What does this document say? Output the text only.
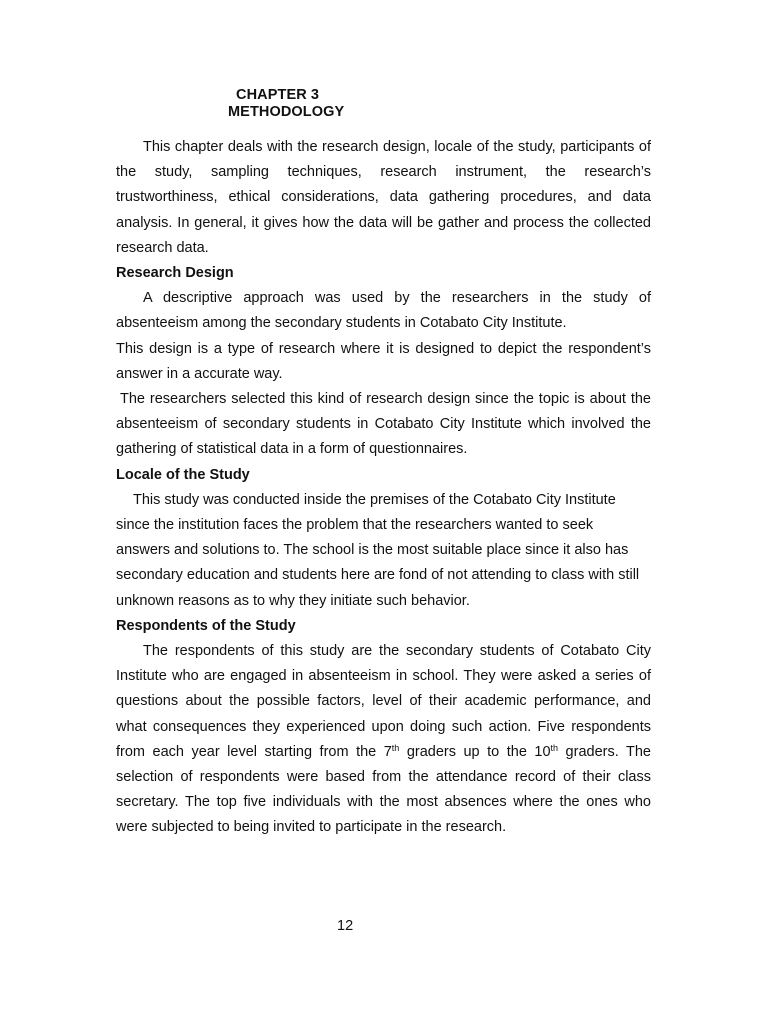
CHAPTER 3
METHODOLOGY

This chapter deals with the research design, locale of the study, participants of the study, sampling techniques, research instrument, the research’s trustworthiness, ethical considerations, data gathering procedures, and data analysis. In general, it gives how the data will be gather and process the collected research data.

Research Design

A descriptive approach was used by the researchers in the study of absenteeism among the secondary students in Cotabato City Institute.

This design is a type of research where it is designed to depict the respondent’s answer in a accurate way.

The researchers selected this kind of research design since the topic is about the absenteeism of secondary students in Cotabato City Institute which involved the gathering of statistical data in a form of questionnaires.

Locale of the Study

This study was conducted inside the premises of the Cotabato City Institute since the institution faces the problem that the researchers wanted to seek answers and solutions to. The school is the most suitable place since it also has secondary education and students here are fond of not attending to class with still unknown reasons as to why they initiate such behavior.

Respondents of the Study

The respondents of this study are the secondary students of Cotabato City Institute who are engaged in absenteeism in school. They were asked a series of questions about the possible factors, level of their academic performance, and what consequences they experienced upon doing such action. Five respondents from each year level starting from the 7th graders up to the 10th graders. The selection of respondents were based from the attendance record of their class secretary. The top five individuals with the most absences where the ones who were subjected to being invited to participate in the research.

12
